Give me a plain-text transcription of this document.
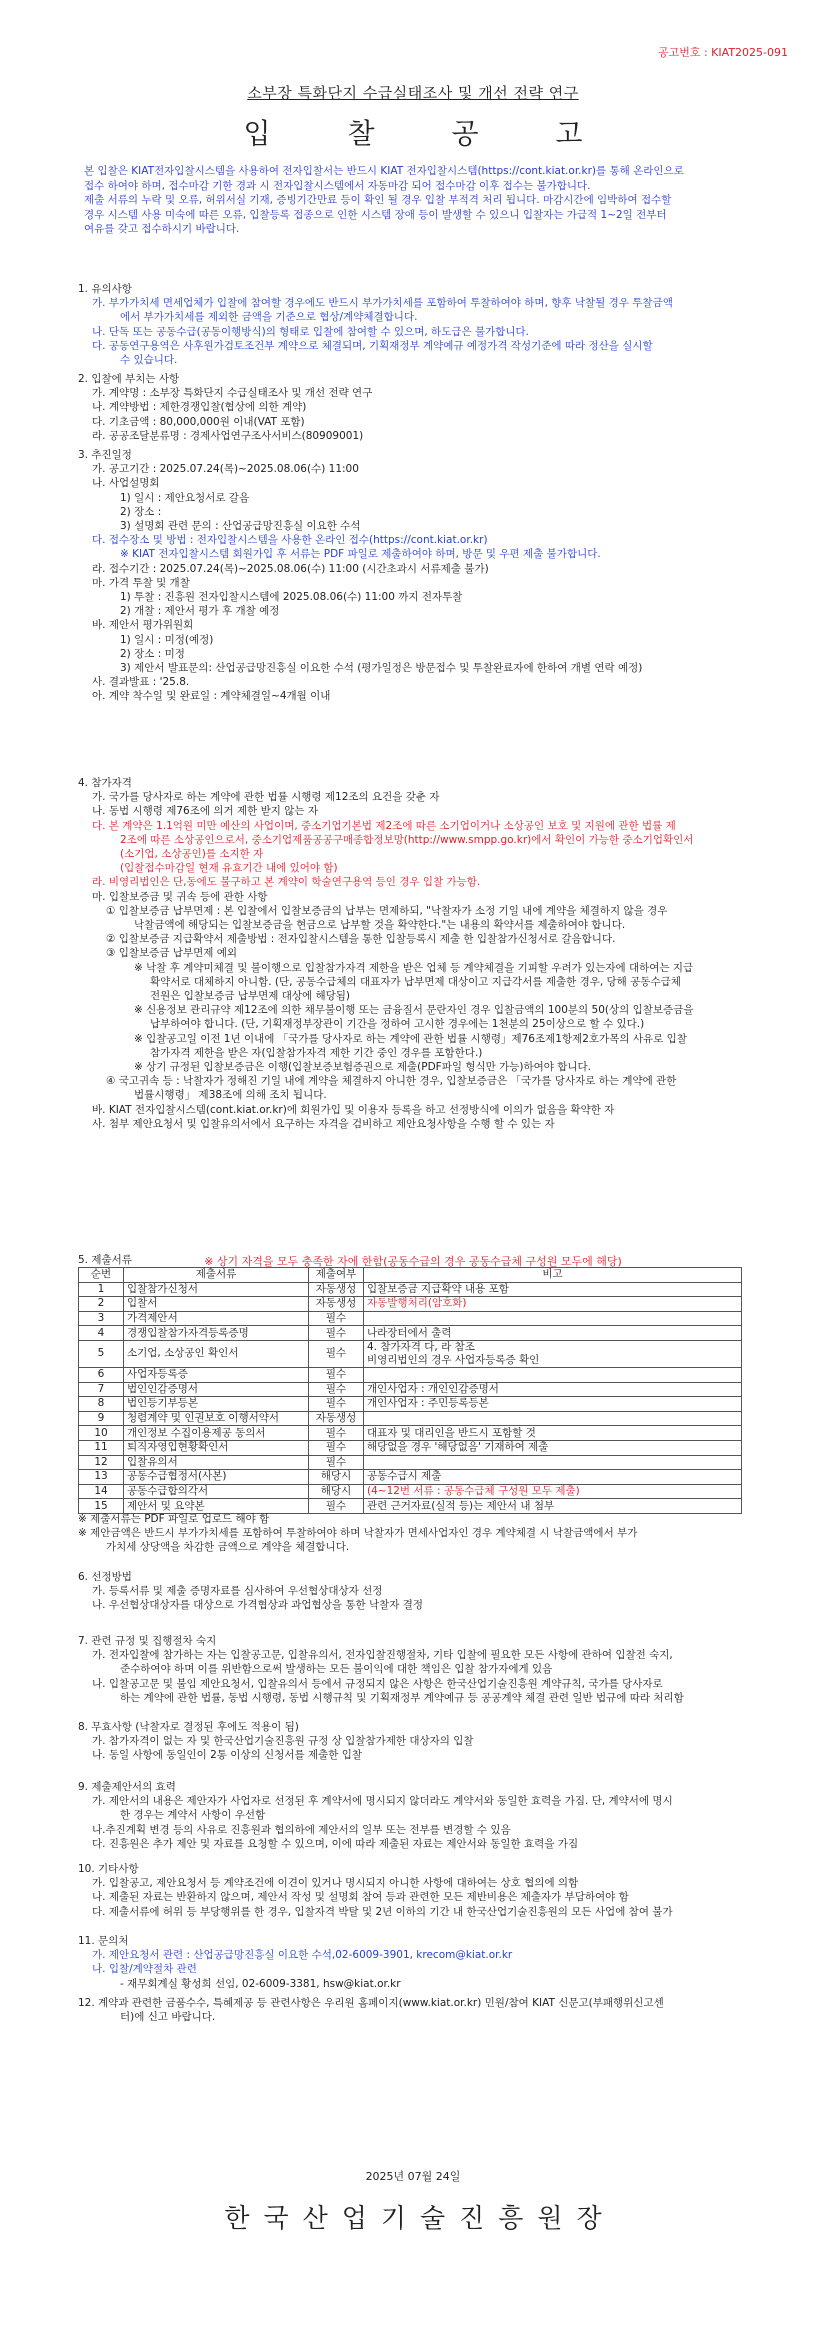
공고번호 : KIAT2025-091
소부장 특화단지 수급실태조사 및 개선 전략 연구
입 찰 공 고
본 입찰은 KIAT전자입찰시스템을 사용하여 전자입찰서는 반드시 KIAT 전자입찰시스템(https://cont.kiat.or.kr)를 통해 온라인으로
접수 하여야 하며, 접수마감 기한 경과 시 전자입찰시스템에서 자동마감 되어 접수마감 이후 접수는 불가합니다.
제출 서류의 누락 및 오류, 허위서실 기재, 증빙기간만료 등이 확인 될 경우 입찰 부적격 처리 됩니다. 마감시간에 임박하여 접수할
경우 시스템 사용 미숙에 따른 오류, 입찰등록 접종으로 인한 시스템 장애 등이 발생할 수 있으니 입찰자는 가급적 1~2일 전부터
여유를 갖고 접수하시기 바랍니다.
1. 유의사항
가. 부가가치세 면세업체가 입찰에 참여할 경우에도 반드시 부가가치세를 포함하여 투찰하여야 하며, 향후 낙찰될 경우 투찰금액
에서 부가가치세를 제외한 금액을 기준으로 협상/계약체결합니다.
나. 단독 또는 공동수급(공동이행방식)의 형태로 입찰에 참여할 수 있으며, 하도급은 불가합니다.
다. 공동연구용역은 사후원가검토조건부 계약으로 체결되며, 기획재정부 계약예규 예정가격 작성기준에 따라 정산을 실시할
수 있습니다.
2. 입찰에 부치는 사항
가. 계약명 : 소부장 특화단지 수급실태조사 및 개선 전략 연구
나. 계약방법 : 제한경쟁입찰(협상에 의한 계약)
다. 기초금액 : 80,000,000원 이내(VAT 포함)
라. 공공조달분류명 : 경제사업연구조사서비스(80909001)
3. 추진일정
가. 공고기간 : 2025.07.24(목)~2025.08.06(수) 11:00
나. 사업설명회
1) 일시 : 제안요청서로 갈음
2) 장소 :
3) 설명회 관련 문의 : 산업공급망진흥실 이요한 수석
다. 접수장소 및 방법 : 전자입찰시스템을 사용한 온라인 접수(https://cont.kiat.or.kr)
※ KIAT 전자입찰시스템 회원가입 후 서류는 PDF 파일로 제출하여야 하며, 방문 및 우편 제출 불가합니다.
라. 접수기간 : 2025.07.24(목)~2025.08.06(수) 11:00 (시간초과시 서류제출 불가)
마. 가격 투찰 및 개찰
1) 투찰 : 진흥원 전자입찰시스템에 2025.08.06(수) 11:00 까지 전자투찰
2) 개찰 : 제안서 평가 후 개찰 예정
바. 제안서 평가위원회
1) 일시 : 미정(예정)
2) 장소 : 미정
3) 제안서 발표문의: 산업공급망진흥실 이요한 수석 (평가일정은 방문접수 및 투찰완료자에 한하여 개별 연락 예정)
사. 결과발표 : '25.8.
아. 계약 착수일 및 완료일 : 계약체결일~4개월 이내
4. 참가자격
가. 국가를 당사자로 하는 계약에 관한 법률 시행령 제12조의 요건을 갖춘 자
나. 동법 시행령 제76조에 의거 제한 받지 않는 자
다. 본 계약은 1.1억원 미만 예산의 사업이며, 중소기업기본법 제2조에 따른 소기업이거나 소상공인 보호 및 지원에 관한 법률 제
2조에 따른 소상공인으로서, 중소기업제품공공구매종합정보망(http://www.smpp.go.kr)에서 확인이 가능한 중소기업확인서
(소기업, 소상공인)를 소지한 자
(입찰접수마감일 현재 유효기간 내에 있어야 함)
라. 비영리법인은 단,동에도 불구하고 본 계약이 학술연구용역 등인 경우 입찰 가능함.
마. 입찰보증금 및 귀속 등에 관한 사항
① 입찰보증금 납부면제 : 본 입찰에서 입찰보증금의 납부는 면제하되, "낙찰자가 소정 기일 내에 계약을 체결하지 않을 경우
낙찰금액에 해당되는 입찰보증금을 현금으로 납부할 것을 확약한다."는 내용의 확약서를 제출하여야 합니다.
② 입찰보증금 지급확약서 제출방법 : 전자입찰시스템을 통한 입찰등록시 제출 한 입찰참가신청서로 갈음합니다.
③ 입찰보증금 납부면제 예외
※ 낙찰 후 계약미체결 및 불이행으로 입찰참가자격 제한을 받은 업체 등 계약체결을 기피할 우려가 있는자에 대하여는 지급
확약서로 대체하지 아니함. (단, 공동수급체의 대표자가 납부면제 대상이고 지급각서를 제출한 경우, 당해 공동수급체
전원은 입찰보증금 납부면제 대상에 해당됨)
※ 신용정보 관리규약 제12조에 의한 채무불이행 또는 금융질서 문란자인 경우 입찰금액의 100분의 50(상의 입찰보증금을
납부하여야 합니다. (단, 기획재정부장관이 기간을 정하여 고시한 경우에는 1천분의 25이상으로 할 수 있다.)
※ 입찰공고일 이전 1년 이내에 「국가를 당사자로 하는 계약에 관한 법률 시행령」제76조제1항제2호가목의 사유로 입찰
참가자격 제한을 받은 자(입찰참가자격 제한 기간 중인 경우를 포함한다.)
※ 상기 규정된 입찰보증금은 이행(입찰보증보험증권으로 제출(PDF파일 형식만 가능)하여야 합니다.
④ 국고귀속 등 : 낙찰자가 정해진 기일 내에 계약을 체결하지 아니한 경우, 입찰보증금은 「국가를 당사자로 하는 계약에 관한
법률시행령」 제38조에 의해 조치 됩니다.
바. KIAT 전자입찰시스템(cont.kiat.or.kr)에 회원가입 및 이용자 등록을 하고 선정방식에 이의가 없음을 확약한 자
사. 첨부 제안요청서 및 입찰유의서에서 요구하는 자격을 검비하고 제안요청사항을 수행 할 수 있는 자
※ 상기 자격을 모두 충족한 자에 한함(공동수급의 경우 공동수급체 구성원 모두에 해당)
5. 제출서류
순번	제출서류	제출여부	비고
1	입찰참가신청서	자동생성	입찰보증금 지급확약 내용 포함

2	입찰서	자동생성	자동발행처리(암호화)

3	가격제안서	필수	

4	경쟁입찰참가자격등록증명	필수	나라장터에서 출력

5	소기업, 소상공인 확인서	필수	4. 참가자격 다, 라 참조
비영리법인의 경우 사업자등록증 확인

6	사업자등록증	필수	

7	법인인감증명서	필수	개인사업자 : 개인인감증명서

8	법인등기부등본	필수	개인사업자 : 주민등록등본

9	청렴계약 및 인권보호 이행서약서	자동생성	

10	개인정보 수집이용제공 동의서	필수	대표자 및 대리인을 반드시 포함할 것

11	퇴직자영입현황확인서	필수	해당없을 경우 '해당없음' 기재하여 제출

12	입찰유의서	필수	

13	공동수급협정서(사본)	해당시	공동수급시 제출

14	공동수급합의각서	해당시	(4~12번 서류 : 공동수급체 구성원 모두 제출)

15	제안서 및 요약본	필수	관련 근거자료(실적 등)는 제안서 내 첨부
※ 제출서류는 PDF 파일로 업로드 해야 함
※ 제안금액은 반드시 부가가치세를 포함하여 투찰하여야 하며 낙찰자가 면세사업자인 경우 계약체결 시 낙찰금액에서 부가
가치세 상당액을 차감한 금액으로 계약을 체결합니다.
6. 선정방법
가. 등록서류 및 제출 증명자료를 심사하여 우선협상대상자 선정
나. 우선협상대상자를 대상으로 가격협상과 과업협상을 통한 낙찰자 결정
7. 관련 규정 및 집행절차 숙지
가. 전자입찰에 참가하는 자는 입찰공고문, 입찰유의서, 전자입찰진행절차, 기타 입찰에 필요한 모든 사항에 관하여 입찰전 숙지,
준수하여야 하며 이를 위반함으로써 발생하는 모든 불이익에 대한 책임은 입찰 참가자에게 있음
나. 입찰공고문 및 불임 제안요청서, 입찰유의서 등에서 규정되지 않은 사항은 한국산업기술진흥원 계약규칙, 국가를 당사자로
하는 계약에 관한 법률, 동법 시행령, 동법 시행규칙 및 기획재정부 계약예규 등 공공계약 체결 관련 일반 법규에 따라 처리함
8. 무효사항 (낙찰자로 결정된 후에도 적용이 됨)
가. 참가자격이 없는 자 및 한국산업기술진흥원 규정 상 입찰참가제한 대상자의 입찰
나. 동일 사항에 동일인이 2통 이상의 신청서를 제출한 입찰
9. 제출제안서의 효력
가. 제안서의 내용은 제안자가 사업자로 선정된 후 계약서에 명시되지 않더라도 계약서와 동일한 효력을 가짐. 단, 계약서에 명시
한 경우는 계약서 사항이 우선함
나.추진계획 변경 등의 사유로 진흥원과 협의하에 제안서의 일부 또는 전부를 변경할 수 있음
다. 진흥원은 추가 제안 및 자료를 요청할 수 있으며, 이에 따라 제출된 자료는 제안서와 동일한 효력을 가짐
10. 기타사항
가. 입찰공고, 제안요청서 등 계약조건에 이견이 있거나 명시되지 아니한 사항에 대하여는 상호 협의에 의함
나. 제출된 자료는 반환하지 않으며, 제안서 작성 및 설명회 참여 등과 관련한 모든 제반비용은 제출자가 부담하여야 함
다. 제출서류에 허위 등 부당행위를 한 경우, 입찰자격 박탈 및 2년 이하의 기간 내 한국산업기술진흥원의 모든 사업에 참여 불가
11. 문의처
가. 제안요청서 관련 : 산업공급망진흥실 이요한 수석,02-6009-3901, krecom@kiat.or.kr
나. 입찰/계약절차 관련
- 재무회계실 황성희 선임, 02-6009-3381, hsw@kiat.or.kr
12. 계약과 관련한 금품수수, 특혜제공 등 관련사항은 우리원 홈페이지(www.kiat.or.kr) 민원/참여 KIAT 신문고(부패행위신고센
터)에 신고 바랍니다.
2025년 07월 24일
한국산업기술진흥원장
